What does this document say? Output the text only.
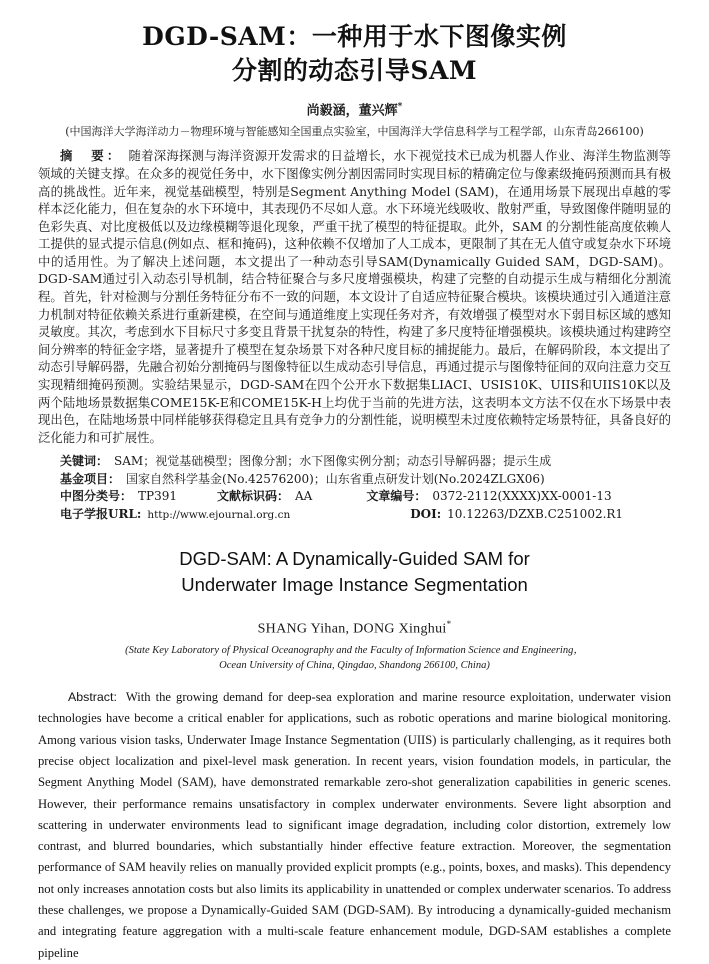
DGD-SAM：一种用于水下图像实例
分割的动态引导SAM
尚毅涵，董兴辉*
(中国海洋大学海洋动力－物理环境与智能感知全国重点实验室，中国海洋大学信息科学与工程学部，山东青岛266100)
摘　要： 随着深海探测与海洋资源开发需求的日益增长，水下视觉技术已成为机器人作业、海洋生物监测等领域的关键支撑。在众多的视觉任务中，水下图像实例分割因需同时实现目标的精确定位与像素级掩码预测而具有极高的挑战性。近年来，视觉基础模型，特别是Segment Anything Model (SAM)，在通用场景下展现出卓越的零样本泛化能力，但在复杂的水下环境中，其表现仍不尽如人意。水下环境光线吸收、散射严重，导致图像伴随明显的色彩失真、对比度极低以及边缘模糊等退化现象，严重干扰了模型的特征提取。此外，SAM 的分割性能高度依赖人工提供的显式提示信息(例如点、框和掩码)，这种依赖不仅增加了人工成本，更限制了其在无人值守或复杂水下环境中的适用性。为了解决上述问题，本文提出了一种动态引导SAM(Dynamically Guided SAM，DGD-SAM)。DGD-SAM通过引入动态引导机制，结合特征聚合与多尺度增强模块，构建了完整的自动提示生成与精细化分割流程。首先，针对检测与分割任务特征分布不一致的问题，本文设计了自适应特征聚合模块。该模块通过引入通道注意力机制对特征依赖关系进行重新建模，在空间与通道维度上实现任务对齐，有效增强了模型对水下弱目标区域的感知灵敏度。其次，考虑到水下目标尺寸多变且背景干扰复杂的特性，构建了多尺度特征增强模块。该模块通过构建跨空间分辨率的特征金字塔，显著提升了模型在复杂场景下对各种尺度目标的捕捉能力。最后，在解码阶段，本文提出了动态引导解码器，先融合初始分割掩码与图像特征以生成动态引导信息，再通过提示与图像特征间的双向注意力交互实现精细掩码预测。实验结果显示，DGD-SAM在四个公开水下数据集LIACI、USIS10K、UIIS和UIIS10K以及两个陆地场景数据集COME15K-E和COME15K-H上均优于当前的先进方法，这表明本文方法不仅在水下场景中表现出色，在陆地场景中同样能够获得稳定且具有竞争力的分割性能，说明模型未过度依赖特定场景特征，具备良好的泛化能力和可扩展性。
关键词： SAM；视觉基础模型；图像分割；水下图像实例分割；动态引导解码器；提示生成
基金项目： 国家自然科学基金(No.42576200)；山东省重点研发计划(No.2024ZLGX06)
中图分类号： TP391	文献标识码： AA	文章编号： 0372-2112(XXXX)XX-0001-13
电子学报URL: http://www.ejournal.org.cn	DOI: 10.12263/DZXB.C251002.R1
DGD-SAM: A Dynamically-Guided SAM for
Underwater Image Instance Segmentation
SHANG Yihan, DONG Xinghui*
(State Key Laboratory of Physical Oceanography and the Faculty of Information Science and Engineering，
Ocean University of China, Qingdao, Shandong 266100, China)
Abstract: With the growing demand for deep-sea exploration and marine resource exploitation, underwater vision technologies have become a critical enabler for applications, such as robotic operations and marine biological monitoring. Among various vision tasks, Underwater Image Instance Segmentation (UIIS) is particularly challenging, as it requires both precise object localization and pixel-level mask generation. In recent years, vision foundation models, in particular, the Segment Anything Model (SAM), have demonstrated remarkable zero-shot generalization capabilities in generic scenes. However, their performance remains unsatisfactory in complex underwater environments. Severe light absorption and scattering in underwater environments lead to significant image degradation, including color distortion, extremely low contrast, and blurred boundaries, which substantially hinder effective feature extraction. Moreover, the segmentation performance of SAM heavily relies on manually provided explicit prompts (e.g., points, boxes, and masks). This dependency not only increases annotation costs but also limits its applicability in unattended or complex underwater scenarios. To address these challenges, we propose a Dynamically-Guided SAM (DGD-SAM). By introducing a dynamically-guided mechanism and integrating feature aggregation with a multi-scale feature enhancement module, DGD-SAM establishes a complete pipeline
